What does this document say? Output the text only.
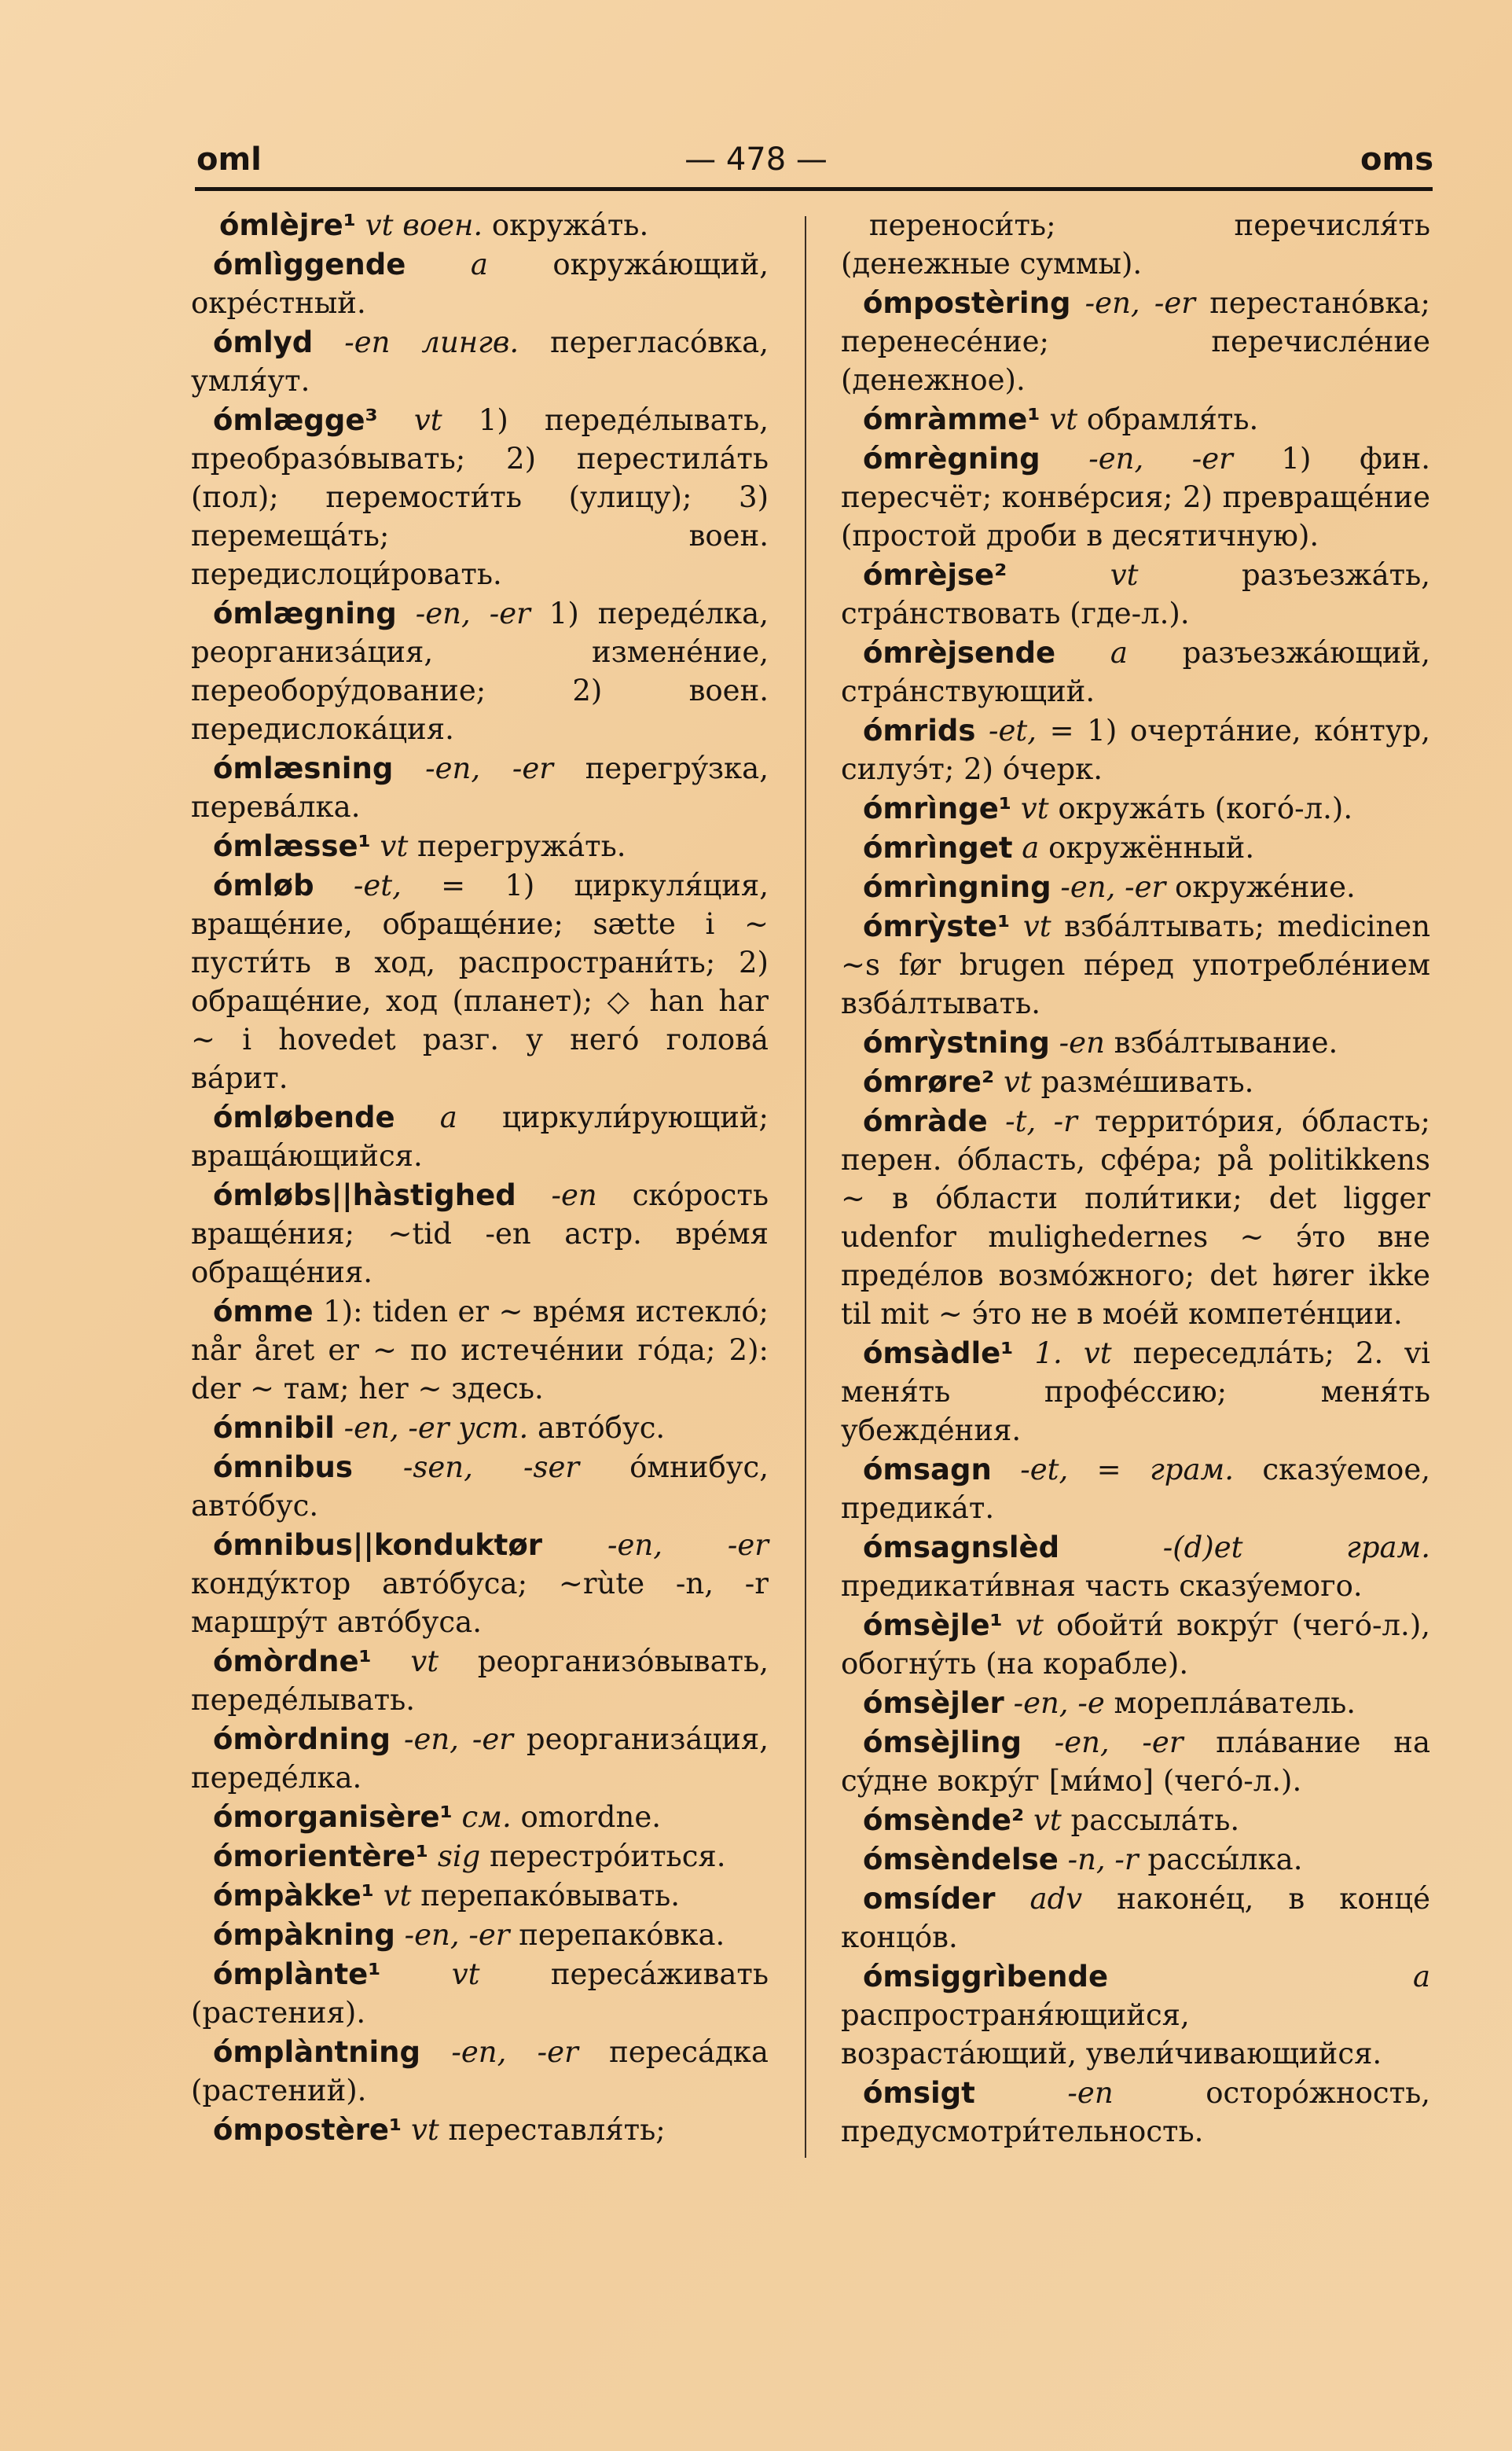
oml	— 478 —	oms
ómlèjre¹ vt воен. окружáть.
ómlìggende a окружáющий, окрéстный.
ómlyd -en лингв. перегласóвка, умля́ут.
ómlægge³ vt 1) передéлывать, преобразóвывать; 2) перестилáть (пол); перемости́ть (улицу); 3) перемещáть; воен. передислоци́ровать.
ómlægning -en, -er 1) передéлка, реорганизáция, изменéние, переоборýдование; 2) воен. передислокáция.
ómlæsning -en, -er перегрýзка, перевáлка.
ómlæsse¹ vt перегружáть.
ómløb -et, = 1) циркуля́ция, вращéние, обращéние; sætte i ~ пусти́ть в ход, распространи́ть; 2) обращéние, ход (планет); ◇ han har ~ i hovedet разг. у негó головá вáрит.
ómløbende a циркули́рующий; вращáющийся.
ómløbs||hàstighed -en скóрость вращéния; ~tid -en астр. врéмя обращéния.
ómme 1): tiden er ~ врéмя истеклó; når året er ~ по истечéнии гóда; 2): der ~ там; her ~ здесь.
ómnibil -en, -er уст. автóбус.
ómnibus -sen, -ser óмнибус, автóбус.
ómnibus||konduktør -en, -er кондýктор автóбуса; ~rùte -n, -r маршрýт автóбуса.
ómòrdne¹ vt реорганизóвывать, передéлывать.
ómòrdning -en, -er реорганизáция, передéлка.
ómorganisère¹ см. omordne.
ómorientère¹ sig перестрóиться.
ómpàkke¹ vt перепакóвывать.
ómpàkning -en, -er перепакóвка.
ómplànte¹ vt пересáживать (растения).
ómplàntning -en, -er пересáдка (растений).
ómpostère¹ vt переставля́ть;
переноси́ть; перечисля́ть (денежные суммы).
ómpostèring -en, -er перестанóвка; перенесéние; перечислéние (денежное).
ómràmme¹ vt обрамля́ть.
ómrègning -en, -er 1) фин. пересчёт; конвéрсия; 2) превращéние (простой дроби в десятичную).
ómrèjse²	vt	разъезжáть, стрáнствовать (где-л.).
ómrèjsende a разъезжáющий, стрáнствующий.
ómrids -et, = 1) очертáние, кóнтур, силуэ́т; 2) óчерк.
ómrìnge¹ vt окружáть (когó-л.).
ómrìnget a окружённый.
ómrìngning -en, -er окружéние.
ómrỳste¹ vt взбáлтывать; medicinen ~s før brugen пéред употреблéнием взбáлтывать.
ómrỳstning -en взбáлтывание.
ómrøre² vt размéшивать.
ómràde -t, -r террито́рия, óбласть; перен. óбласть, сфéра; på politikkens ~ в óбласти поли́тики; det ligger udenfor mulighedernes ~ э́то вне предéлов возмóжного; det hører ikke til mit ~ э́то не в моéй компетéнции.
ómsàdle¹ 1. vt переседлáть; 2. vi меня́ть профéссию; меня́ть убеждéния.
ómsagn -et, = грам. сказýемое, предикáт.
ómsagnslèd	-(d)et грам. предикати́вная часть сказýемого.
ómsèjle¹ vt обойти́ вокрýг (чегó-л.), обогнýть (на корабле).
ómsèjler -en, -e мореплáватель.
ómsèjling -en, -er плáвание на сýдне вокрýг [ми́мо] (чегó-л.).
ómsènde² vt рассылáть.
ómsèndelse -n, -r рассы́лка.
omsíder adv наконéц, в концé концóв.
ómsiggrìbende	a распространя́ющийся, возрастáющий, увели́чивающийся.
ómsigt	-en	осторóжность, предусмотри́тельность.
